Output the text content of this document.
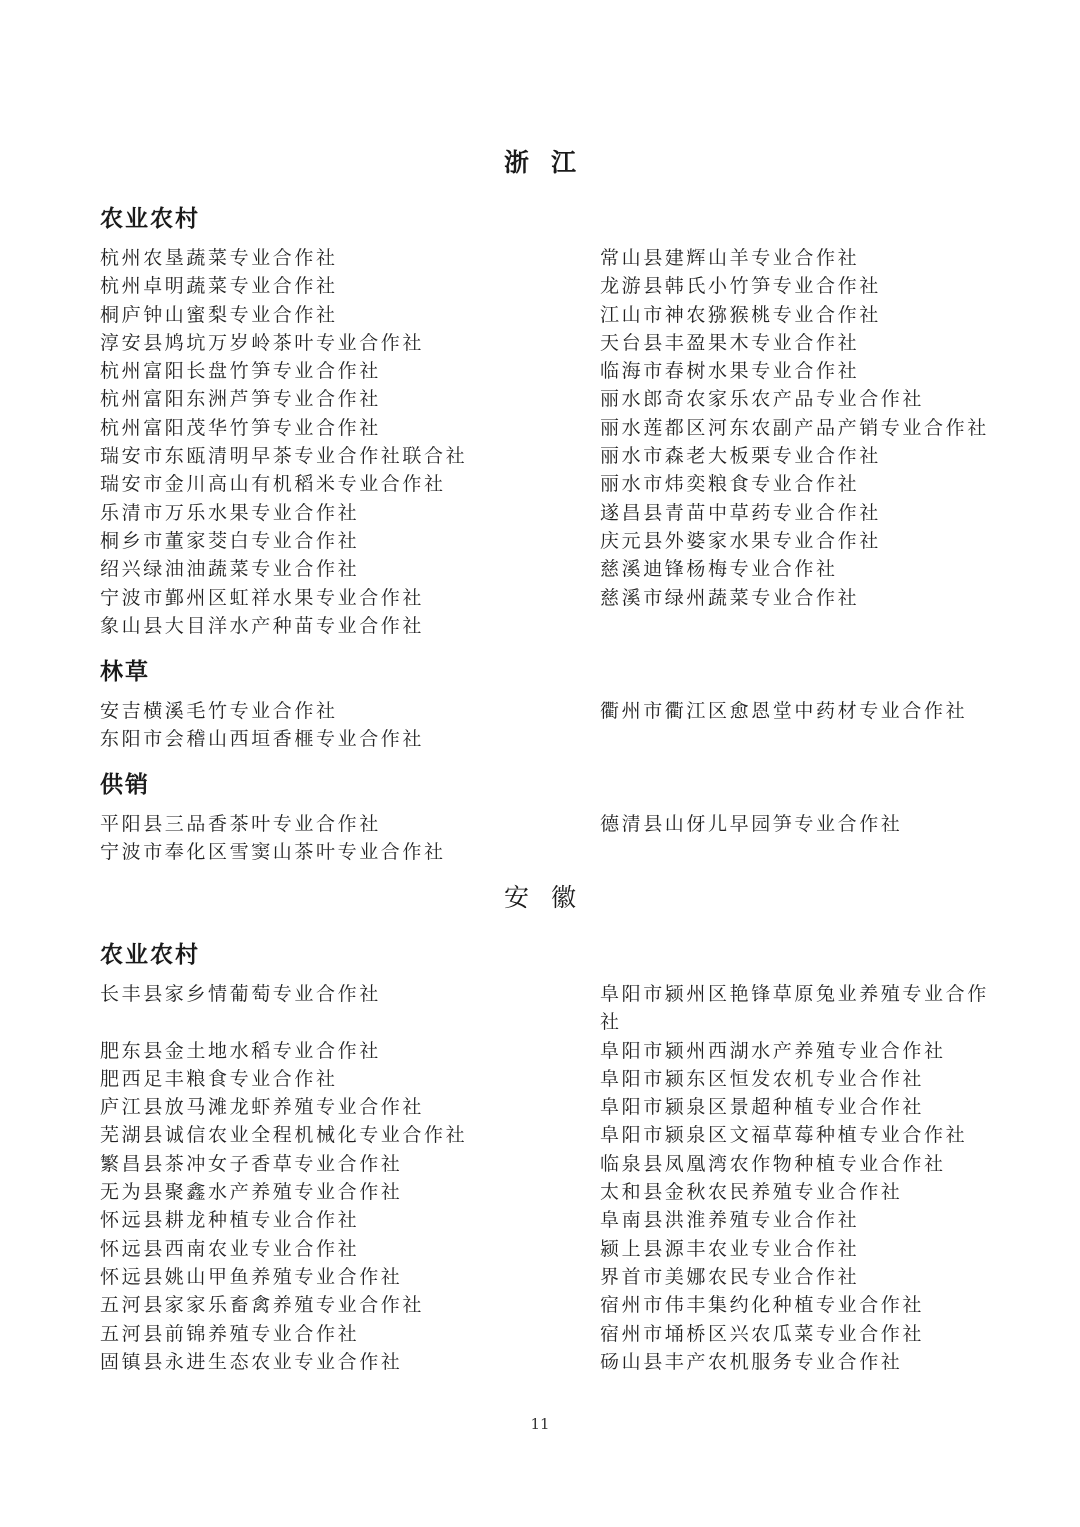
浙江
农业农村
杭州农垦蔬菜专业合作社
杭州卓明蔬菜专业合作社
桐庐钟山蜜梨专业合作社
淳安县鸠坑万岁岭茶叶专业合作社
杭州富阳长盘竹笋专业合作社
杭州富阳东洲芦笋专业合作社
杭州富阳茂华竹笋专业合作社
瑞安市东瓯清明早茶专业合作社联合社
瑞安市金川高山有机稻米专业合作社
乐清市万乐水果专业合作社
桐乡市董家茭白专业合作社
绍兴绿油油蔬菜专业合作社
宁波市鄞州区虹祥水果专业合作社
象山县大目洋水产种苗专业合作社
常山县建辉山羊专业合作社
龙游县韩氏小竹笋专业合作社
江山市神农猕猴桃专业合作社
天台县丰盈果木专业合作社
临海市春树水果专业合作社
丽水郎奇农家乐农产品专业合作社
丽水莲都区河东农副产品产销专业合作社
丽水市森老大板栗专业合作社
丽水市炜奕粮食专业合作社
遂昌县青苗中草药专业合作社
庆元县外婆家水果专业合作社
慈溪迪锋杨梅专业合作社
慈溪市绿州蔬菜专业合作社
林草
安吉横溪毛竹专业合作社
东阳市会稽山西垣香榧专业合作社
衢州市衢江区愈恩堂中药材专业合作社
供销
平阳县三品香茶叶专业合作社
宁波市奉化区雪窦山茶叶专业合作社
德清县山伢儿早园笋专业合作社
安徽
农业农村
长丰县家乡情葡萄专业合作社
肥东县金土地水稻专业合作社
肥西足丰粮食专业合作社
庐江县放马滩龙虾养殖专业合作社
芜湖县诚信农业全程机械化专业合作社
繁昌县茶冲女子香草专业合作社
无为县聚鑫水产养殖专业合作社
怀远县耕龙种植专业合作社
怀远县西南农业专业合作社
怀远县姚山甲鱼养殖专业合作社
五河县家家乐畜禽养殖专业合作社
五河县前锦养殖专业合作社
固镇县永进生态农业专业合作社
阜阳市颍州区艳锋草原兔业养殖专业合作社
阜阳市颍州西湖水产养殖专业合作社
阜阳市颍东区恒发农机专业合作社
阜阳市颍泉区景超种植专业合作社
阜阳市颍泉区文福草莓种植专业合作社
临泉县凤凰湾农作物种植专业合作社
太和县金秋农民养殖专业合作社
阜南县洪淮养殖专业合作社
颍上县源丰农业专业合作社
界首市美娜农民专业合作社
宿州市伟丰集约化种植专业合作社
宿州市埇桥区兴农瓜菜专业合作社
砀山县丰产农机服务专业合作社
11
